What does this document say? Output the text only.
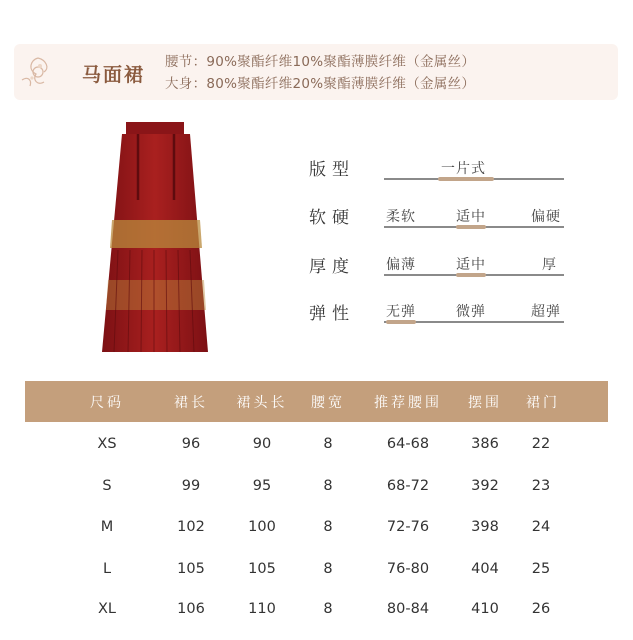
马面裙
腰节：90%聚酯纤维10%聚酯薄膜纤维（金属丝）
大身：80%聚酯纤维20%聚酯薄膜纤维（金属丝）
版型	一片式
软硬 柔软	适中	偏硬
厚度 偏薄	适中	厚
弹性 无弹	微弹	超弹
尺码	裙长 裙头长 腰宽 推荐腰围 摆围 裙门
XS	96	90	8	64-68	386 22
S	99	95	8	68-72	392 23
M	102	100	8	72-76	398 24
L	105	105	8	76-80	404 25
XL	106	110	8	80-84	410 26
